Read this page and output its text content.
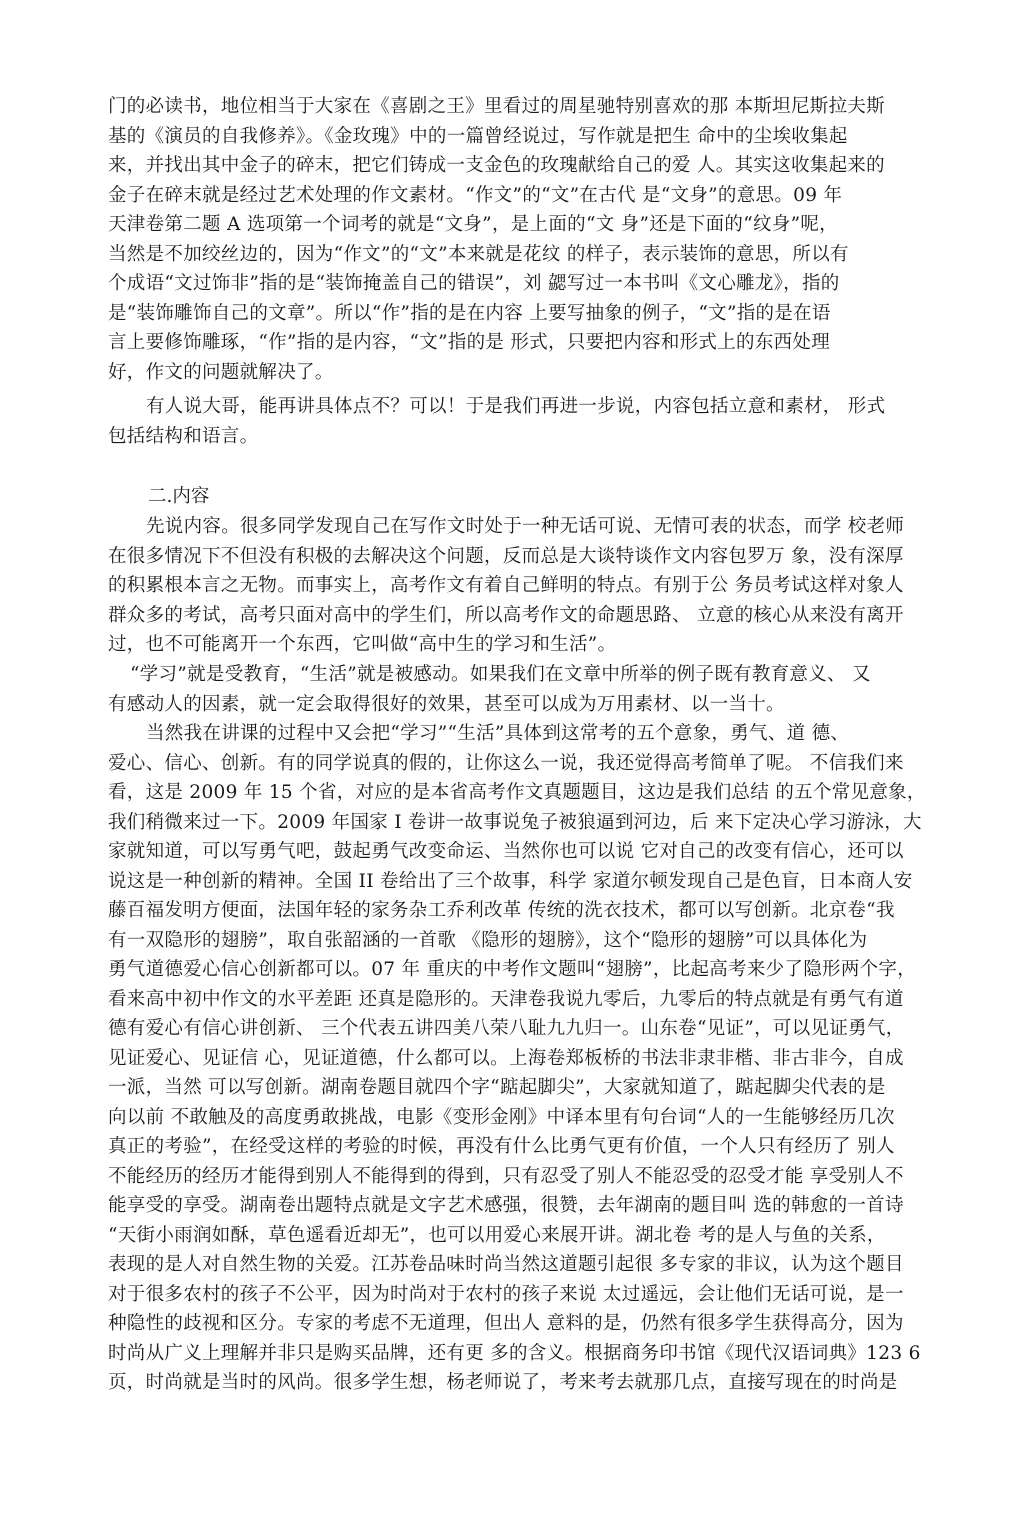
门的必读书，地位相当于大家在《喜剧之王》里看过的周星驰特别喜欢的那 本斯坦尼斯拉夫斯
基的《演员的自我修养》。《金玫瑰》中的一篇曾经说过，写作就是把生 命中的尘埃收集起
来，并找出其中金子的碎末，把它们铸成一支金色的玫瑰献给自己的爱 人。其实这收集起来的
金子在碎末就是经过艺术处理的作文素材。“作文”的“文”在古代 是“文身”的意思。09 年
天津卷第二题 A 选项第一个词考的就是“文身”，是上面的“文 身”还是下面的“纹身”呢，
当然是不加绞丝边的，因为“作文”的“文”本来就是花纹 的样子，表示装饰的意思，所以有
个成语“文过饰非”指的是“装饰掩盖自己的错误”，刘 勰写过一本书叫《文心雕龙》，指的
是“装饰雕饰自己的文章”。所以“作”指的是在内容 上要写抽象的例子，“文”指的是在语
言上要修饰雕琢，“作”指的是内容，“文”指的是 形式，只要把内容和形式上的东西处理
好，作文的问题就解决了。
有人说大哥，能再讲具体点不？可以！于是我们再进一步说，内容包括立意和素材， 形式
包括结构和语言。
二.内容
先说内容。很多同学发现自己在写作文时处于一种无话可说、无情可表的状态，而学 校老师
在很多情况下不但没有积极的去解决这个问题，反而总是大谈特谈作文内容包罗万 象，没有深厚
的积累根本言之无物。而事实上，高考作文有着自己鲜明的特点。有别于公 务员考试这样对象人
群众多的考试，高考只面对高中的学生们，所以高考作文的命题思路、 立意的核心从来没有离开
过，也不可能离开一个东西，它叫做“高中生的学习和生活”。
“学习”就是受教育，“生活”就是被感动。如果我们在文章中所举的例子既有教育意义、 又
有感动人的因素，就一定会取得很好的效果，甚至可以成为万用素材、以一当十。
当然我在讲课的过程中又会把“学习”“生活”具体到这常考的五个意象，勇气、道 德、
爱心、信心、创新。有的同学说真的假的，让你这么一说，我还觉得高考简单了呢。 不信我们来
看，这是 2009 年 15 个省，对应的是本省高考作文真题题目，这边是我们总结 的五个常见意象，
我们稍微来过一下。2009 年国家 I 卷讲一故事说兔子被狼逼到河边，后 来下定决心学习游泳，大
家就知道，可以写勇气吧，鼓起勇气改变命运、当然你也可以说 它对自己的改变有信心，还可以
说这是一种创新的精神。全国 II 卷给出了三个故事，科学 家道尔顿发现自己是色盲，日本商人安
藤百福发明方便面，法国年轻的家务杂工乔利改革 传统的洗衣技术，都可以写创新。北京卷“我
有一双隐形的翅膀”，取自张韶涵的一首歌 《隐形的翅膀》，这个“隐形的翅膀”可以具体化为
勇气道德爱心信心创新都可以。07 年 重庆的中考作文题叫“翅膀”，比起高考来少了隐形两个字，
看来高中初中作文的水平差距 还真是隐形的。天津卷我说九零后，九零后的特点就是有勇气有道
德有爱心有信心讲创新、 三个代表五讲四美八荣八耻九九归一。山东卷“见证”，可以见证勇气，
见证爱心、见证信 心，见证道德，什么都可以。上海卷郑板桥的书法非隶非楷、非古非今，自成
一派，当然 可以写创新。湖南卷题目就四个字“踮起脚尖”，大家就知道了，踮起脚尖代表的是
向以前 不敢触及的高度勇敢挑战，电影《变形金刚》中译本里有句台词“人的一生能够经历几次
真正的考验”，在经受这样的考验的时候，再没有什么比勇气更有价值，一个人只有经历了 别人
不能经历的经历才能得到别人不能得到的得到，只有忍受了别人不能忍受的忍受才能 享受别人不
能享受的享受。湖南卷出题特点就是文字艺术感强，很赞，去年湖南的题目叫 选的韩愈的一首诗
“天街小雨润如酥，草色遥看近却无”，也可以用爱心来展开讲。湖北卷 考的是人与鱼的关系，
表现的是人对自然生物的关爱。江苏卷品味时尚当然这道题引起很 多专家的非议，认为这个题目
对于很多农村的孩子不公平，因为时尚对于农村的孩子来说 太过遥远，会让他们无话可说，是一
种隐性的歧视和区分。专家的考虑不无道理，但出人 意料的是，仍然有很多学生获得高分，因为
时尚从广义上理解并非只是购买品牌，还有更 多的含义。根据商务印书馆《现代汉语词典》123 6
页，时尚就是当时的风尚。很多学生想，杨老师说了，考来考去就那几点，直接写现在的时尚是
